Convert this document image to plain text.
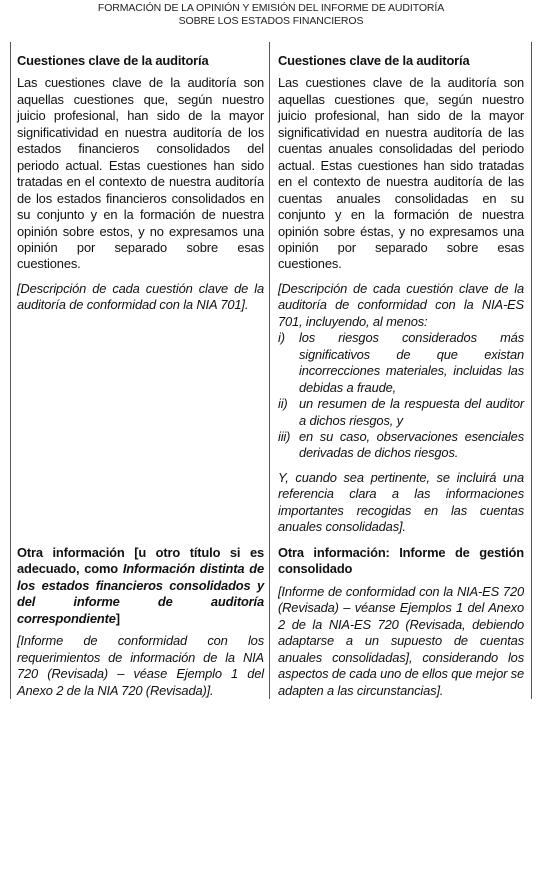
FORMACIÓN DE LA OPINIÓN Y EMISIÓN DEL INFORME DE AUDITORÍA
SOBRE LOS ESTADOS FINANCIEROS

Cuestiones clave de la auditoría

Las cuestiones clave de la auditoría son aquellas cuestiones que, según nuestro juicio profesional, han sido de la mayor significatividad en nuestra auditoría de los estados financieros consolidados del periodo actual. Estas cuestiones han sido tratadas en el contexto de nuestra auditoría de los estados financieros consolidados en su conjunto y en la formación de nuestra opinión sobre estos, y no expresamos una opinión por separado sobre esas cuestiones.

[Descripción de cada cuestión clave de la auditoría de conformidad con la NIA 701].

Cuestiones clave de la auditoría

Las cuestiones clave de la auditoría son aquellas cuestiones que, según nuestro juicio profesional, han sido de la mayor significatividad en nuestra auditoría de las cuentas anuales consolidadas del periodo actual. Estas cuestiones han sido tratadas en el contexto de nuestra auditoría de las cuentas anuales consolidadas en su conjunto y en la formación de nuestra opinión sobre éstas, y no expresamos una opinión por separado sobre esas cuestiones.

[Descripción de cada cuestión clave de la auditoría de conformidad con la NIA-ES 701, incluyendo, al menos:

i)	los riesgos considerados más significativos de que existan incorrecciones materiales, incluidas las debidas a fraude,
ii) un resumen de la respuesta del auditor a dichos riesgos, y
iii) en su caso, observaciones esenciales derivadas de dichos riesgos.

Y, cuando sea pertinente, se incluirá una referencia clara a las informaciones importantes recogidas en las cuentas anuales consolidadas].

Otra información [u otro título si es adecuado, como Información distinta de los estados financieros consolidados y del informe de auditoría correspondiente]

[Informe de conformidad con los requerimientos de información de la NIA 720 (Revisada) – véase Ejemplo 1 del Anexo 2 de la NIA 720 (Revisada)].

Otra información: Informe de gestión consolidado

[Informe de conformidad con la NIA-ES 720 (Revisada) – véanse Ejemplos 1 del Anexo 2 de la NIA-ES 720 (Revisada, debiendo adaptarse a un supuesto de cuentas anuales consolidadas], considerando los aspectos de cada uno de ellos que mejor se adapten a las circunstancias].
